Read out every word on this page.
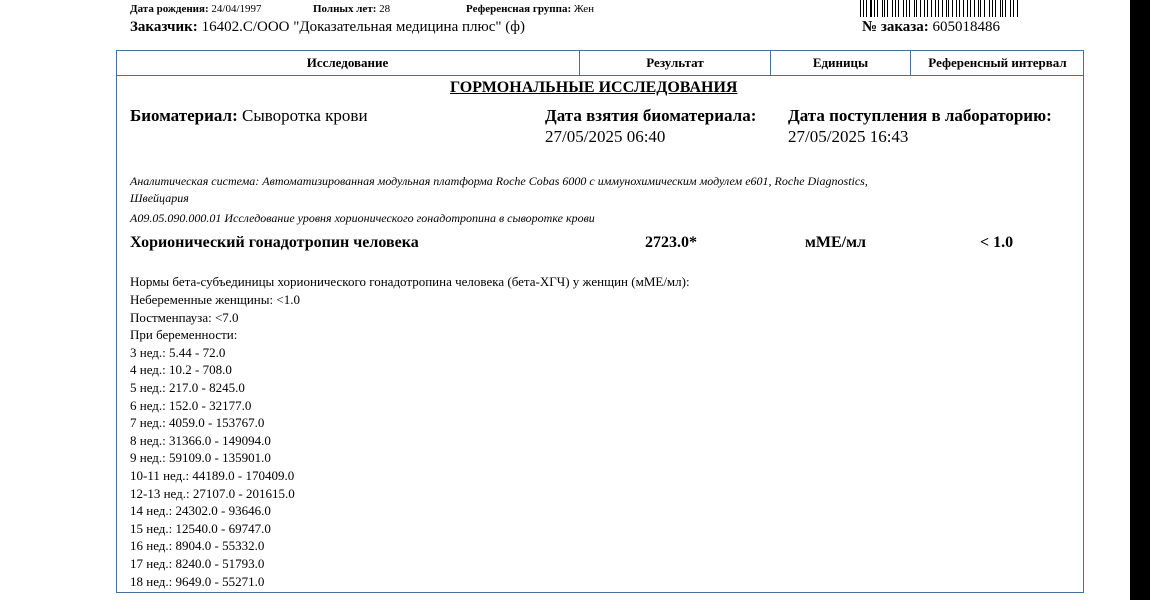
Дата рождения: 24/04/1997	Полных лет: 28	Референсная группа: Жен
Заказчик: 16402.С/ООО "Доказательная медицина плюс" (ф)	№ заказа: 605018486
Исследование	Результат	Единицы	Референсный интервал
ГОРМОНАЛЬНЫЕ ИССЛЕДОВАНИЯ
Биоматериал: Сыворотка крови	Дата взятия биоматериала:
27/05/2025 06:40
Дата поступления в лабораторию:
27/05/2025 16:43
Аналитическая система: Автоматизированная модульная платформа Roche Cobas 6000 с иммунохимическим модулем e601, Roche Diagnostics,
Швейцария
A09.05.090.000.01 Исследование уровня хорионического гонадотропина в сыворотке крови
Хорионический гонадотропин человека	2723.0*	мМЕ/мл	< 1.0
Нормы бета-субъединицы хорионического гонадотропина человека (бета-ХГЧ) у женщин (мМЕ/мл):
Небеременные женщины: <1.0
Постменпауза: <7.0
При беременности:
3 нед.: 5.44 - 72.0
4 нед.: 10.2 - 708.0
5 нед.: 217.0 - 8245.0
6 нед.: 152.0 - 32177.0
7 нед.: 4059.0 - 153767.0
8 нед.: 31366.0 - 149094.0
9 нед.: 59109.0 - 135901.0
10-11 нед.: 44189.0 - 170409.0
12-13 нед.: 27107.0 - 201615.0
14 нед.: 24302.0 - 93646.0
15 нед.: 12540.0 - 69747.0
16 нед.: 8904.0 - 55332.0
17 нед.: 8240.0 - 51793.0
18 нед.: 9649.0 - 55271.0
